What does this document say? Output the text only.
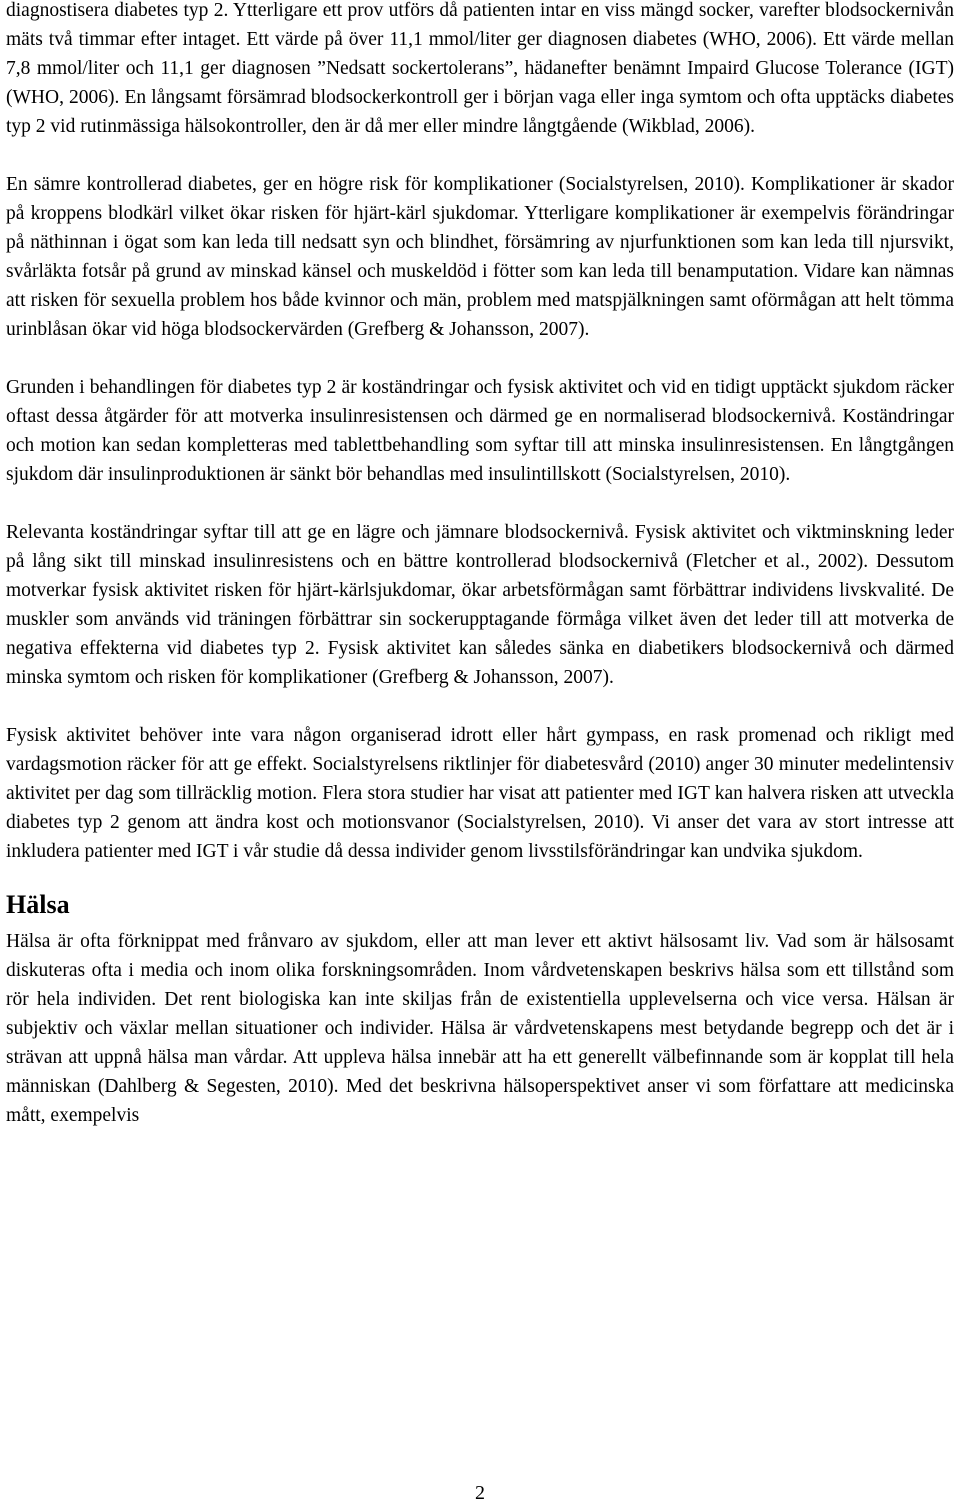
diagnostisera diabetes typ 2. Ytterligare ett prov utförs då patienten intar en viss mängd socker, varefter blodsockernivån mäts två timmar efter intaget. Ett värde på över 11,1 mmol/liter ger diagnosen diabetes (WHO, 2006). Ett värde mellan 7,8 mmol/liter och 11,1 ger diagnosen ”Nedsatt sockertolerans”, hädanefter benämnt Impaird Glucose Tolerance (IGT) (WHO, 2006). En långsamt försämrad blodsockerkontroll ger i början vaga eller inga symtom och ofta upptäcks diabetes typ 2 vid rutinmässiga hälsokontroller, den är då mer eller mindre långtgående (Wikblad, 2006).

En sämre kontrollerad diabetes, ger en högre risk för komplikationer (Socialstyrelsen, 2010). Komplikationer är skador på kroppens blodkärl vilket ökar risken för hjärt-kärl sjukdomar. Ytterligare komplikationer är exempelvis förändringar på näthinnan i ögat som kan leda till nedsatt syn och blindhet, försämring av njurfunktionen som kan leda till njursvikt, svårläkta fotsår på grund av minskad känsel och muskeldöd i fötter som kan leda till benamputation. Vidare kan nämnas att risken för sexuella problem hos både kvinnor och män, problem med matspjälkningen samt oförmågan att helt tömma urinblåsan ökar vid höga blodsockervärden (Grefberg & Johansson, 2007).

Grunden i behandlingen för diabetes typ 2 är koständringar och fysisk aktivitet och vid en tidigt upptäckt sjukdom räcker oftast dessa åtgärder för att motverka insulinresistensen och därmed ge en normaliserad blodsockernivå. Koständringar och motion kan sedan kompletteras med tablettbehandling som syftar till att minska insulinresistensen. En långtgången sjukdom där insulinproduktionen är sänkt bör behandlas med insulintillskott (Socialstyrelsen, 2010).

Relevanta koständringar syftar till att ge en lägre och jämnare blodsockernivå. Fysisk aktivitet och viktminskning leder på lång sikt till minskad insulinresistens och en bättre kontrollerad blodsockernivå (Fletcher et al., 2002). Dessutom motverkar fysisk aktivitet risken för hjärt-kärlsjukdomar, ökar arbetsförmågan samt förbättrar individens livskvalité. De muskler som används vid träningen förbättrar sin sockerupptagande förmåga vilket även det leder till att motverka de negativa effekterna vid diabetes typ 2. Fysisk aktivitet kan således sänka en diabetikers blodsockernivå och därmed minska symtom och risken för komplikationer (Grefberg & Johansson, 2007).

Fysisk aktivitet behöver inte vara någon organiserad idrott eller hårt gympass, en rask promenad och rikligt med vardagsmotion räcker för att ge effekt. Socialstyrelsens riktlinjer för diabetesvård (2010) anger 30 minuter medelintensiv aktivitet per dag som tillräcklig motion. Flera stora studier har visat att patienter med IGT kan halvera risken att utveckla diabetes typ 2 genom att ändra kost och motionsvanor (Socialstyrelsen, 2010). Vi anser det vara av stort intresse att inkludera patienter med IGT i vår studie då dessa individer genom livsstilsförändringar kan undvika sjukdom.

Hälsa

Hälsa är ofta förknippat med frånvaro av sjukdom, eller att man lever ett aktivt hälsosamt liv. Vad som är hälsosamt diskuteras ofta i media och inom olika forskningsområden. Inom vårdvetenskapen beskrivs hälsa som ett tillstånd som rör hela individen. Det rent biologiska kan inte skiljas från de existentiella upplevelserna och vice versa. Hälsan är subjektiv och växlar mellan situationer och individer. Hälsa är vårdvetenskapens mest betydande begrepp och det är i strävan att uppnå hälsa man vårdar. Att uppleva hälsa innebär att ha ett generellt välbefinnande som är kopplat till hela människan (Dahlberg & Segesten, 2010). Med det beskrivna hälsoperspektivet anser vi som författare att medicinska mått, exempelvis

2
